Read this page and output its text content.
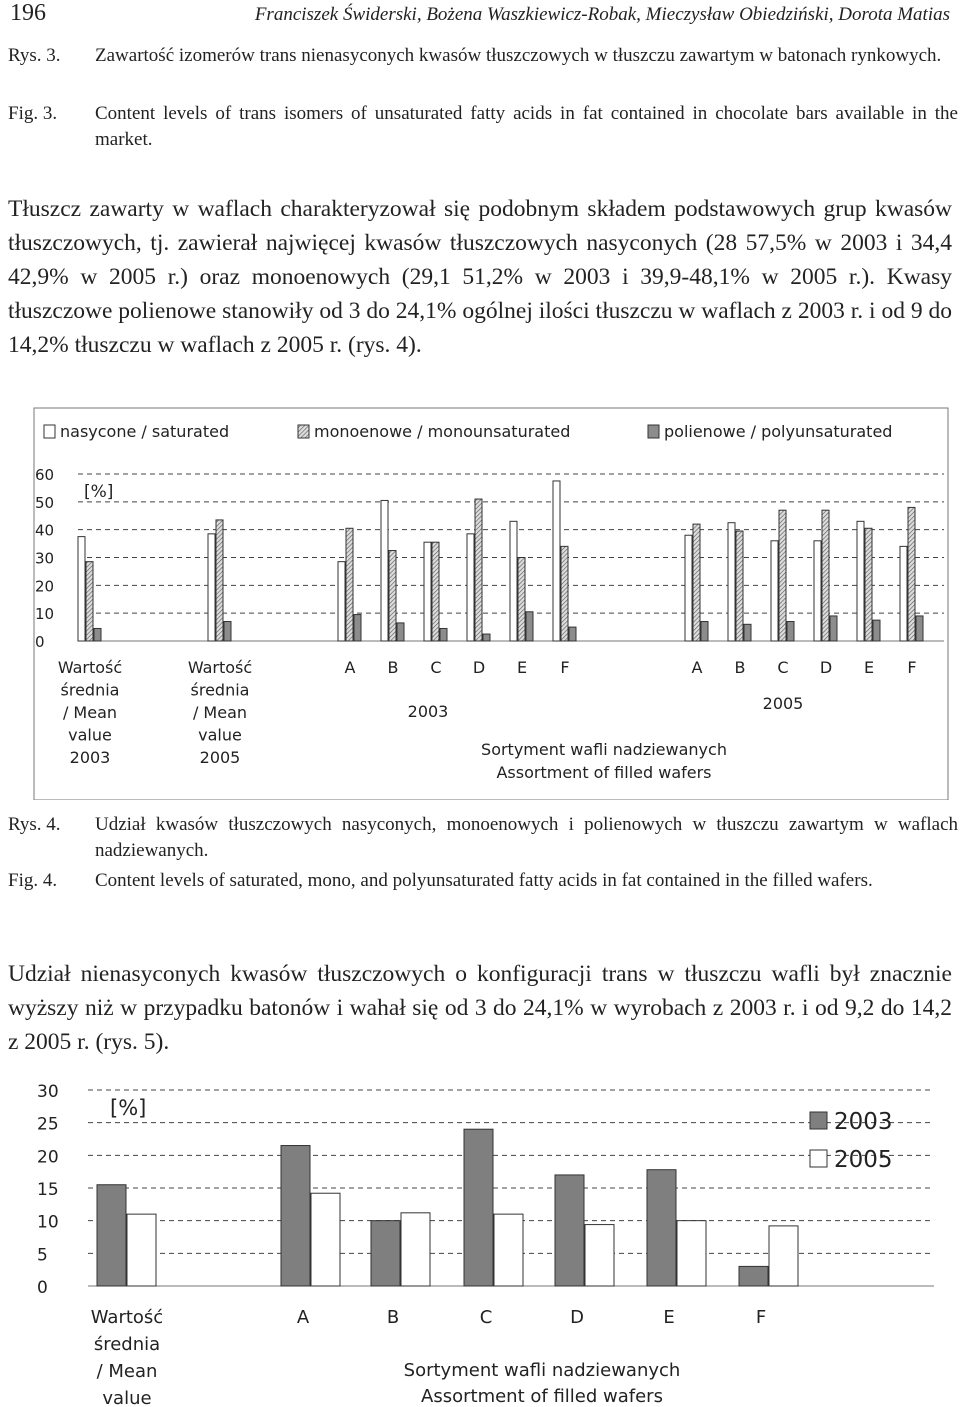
196	Franciszek Świderski, Bożena Waszkiewicz-Robak, Mieczysław Obiedziński, Dorota Matias
Rys. 3.	Zawartość izomerów trans nienasyconych kwasów tłuszczowych w tłuszczu zawartym w batonach rynkowych.
Fig. 3.	Content levels of trans isomers of unsaturated fatty acids in fat contained in chocolate bars available in the market.
Tłuszcz zawarty w waflach charakteryzował się podobnym składem podstawowych grup kwasów tłuszczowych, tj. zawierał najwięcej kwasów tłuszczowych nasyconych (28 57,5% w 2003 i 34,4 42,9% w 2005 r.) oraz monoenowych (29,1 51,2% w 2003 i 39,9-48,1% w 2005 r.). Kwasy tłuszczowe polienowe stanowiły od 3 do 24,1% ogólnej ilości tłuszczu w waflach z 2003 r. i od 9 do 14,2% tłuszczu w waflach z 2005 r. (rys. 4).
nasycone / saturated	monoenowe / monounsaturated	polienowe / polyunsaturated
0
10
20
30
40
50
60
[%]
Wartość
średnia
/ Mean
value
2003
Wartość
średnia
/ Mean
value
2005
A B C D E F	A B C D E F
2003	2005
Sortyment wafli nadziewanych
Assortment of filled wafers
Rys. 4.	Udział kwasów tłuszczowych nasyconych, monoenowych i polienowych w tłuszczu zawartym w waflach nadziewanych.
Fig. 4.	Content levels of saturated, mono, and polyunsaturated fatty acids in fat contained in the filled wafers.
Udział nienasyconych kwasów tłuszczowych o konfiguracji trans w tłuszczu wafli był znacznie wyższy niż w przypadku batonów i wahał się od 3 do 24,1% w wyrobach z 2003 r. i od 9,2 do 14,2 z 2005 r. (rys. 5).
0
5
10
15
20
25
30
[%]
2003
2005
Wartość
średnia
/ Mean
value
A	B	C	D	E	F
Sortyment wafli nadziewanych
Assortment of filled wafers
